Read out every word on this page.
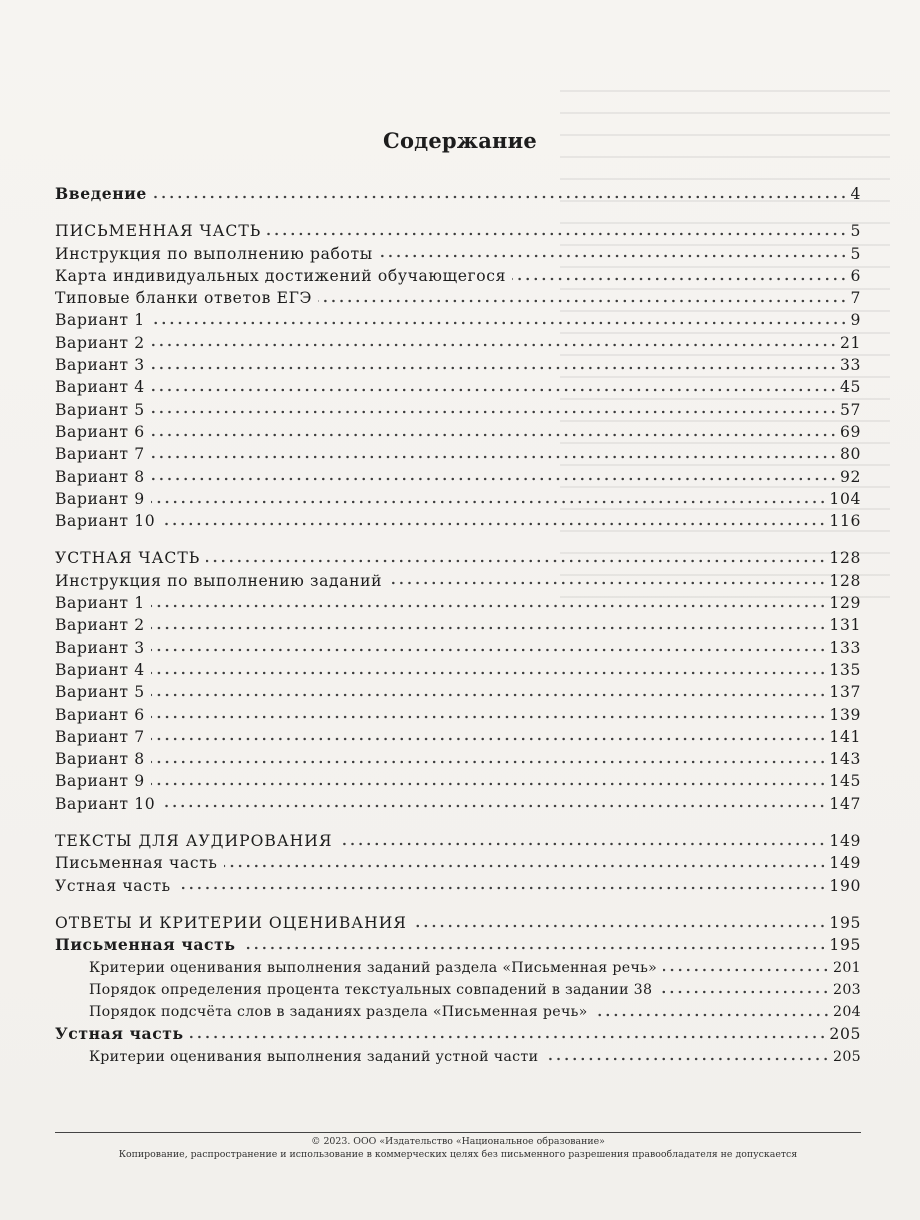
Содержание
Введение	4
ПИСЬМЕННАЯ ЧАСТЬ	5
Инструкция по выполнению работы	5
Карта индивидуальных достижений обучающегося	6
Типовые бланки ответов ЕГЭ	7
Вариант 1	9
Вариант 2	21
Вариант 3	33
Вариант 4	45
Вариант 5	57
Вариант 6	69
Вариант 7	80
Вариант 8	92
Вариант 9	104
Вариант 10	116
УСТНАЯ ЧАСТЬ	128
Инструкция по выполнению заданий	128
Вариант 1	129
Вариант 2	131
Вариант 3	133
Вариант 4	135
Вариант 5	137
Вариант 6	139
Вариант 7	141
Вариант 8	143
Вариант 9	145
Вариант 10	147
ТЕКСТЫ ДЛЯ АУДИРОВАНИЯ	149
Письменная часть	149
Устная часть	190
ОТВЕТЫ И КРИТЕРИИ ОЦЕНИВАНИЯ	195
Письменная часть	195
Критерии оценивания выполнения заданий раздела «Письменная речь»	201
Порядок определения процента текстуальных совпадений в задании 38	203
Порядок подсчёта слов в заданиях раздела «Письменная речь»	204
Устная часть	205
Критерии оценивания выполнения заданий устной части	205
© 2023. ООО «Издательство «Национальное образование»
Копирование, распространение и использование в коммерческих целях без письменного разрешения правообладателя не допускается
